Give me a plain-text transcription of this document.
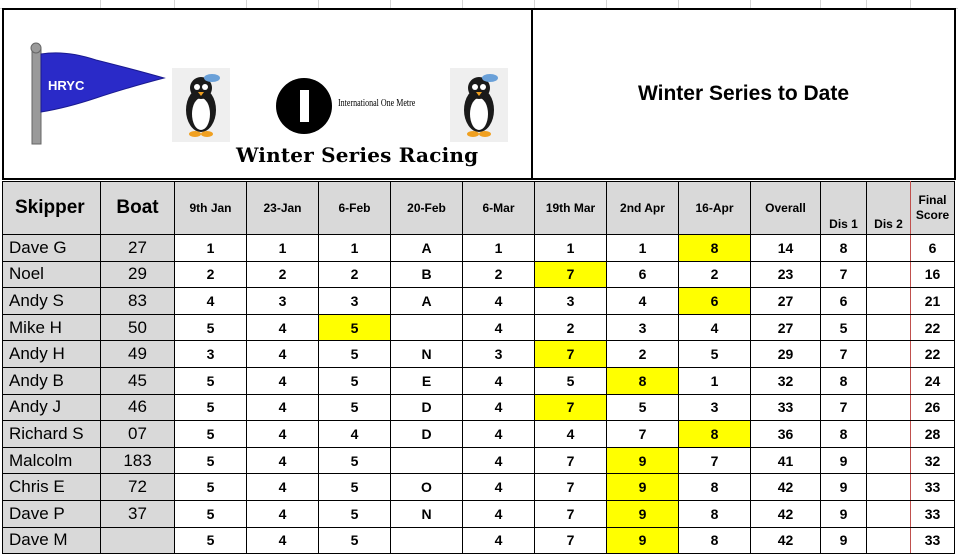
HRYC
International One Metre
Winter Series Racing
Winter Series to Date
Skipper	Boat	9th Jan	23-Jan	6-Feb	20-Feb	6-Mar	19th Mar	2nd Apr	16-Apr	Overall	Dis 1	Dis 2	Final
Score
Dave G	27	1	1	1	A	1	1	1	8	14	8		6
Noel	29	2	2	2	B	2	7	6	2	23	7		16
Andy S	83	4	3	3	A	4	3	4	6	27	6		21
Mike H	50	5	4	5		4	2	3	4	27	5		22
Andy H	49	3	4	5	N	3	7	2	5	29	7		22
Andy B	45	5	4	5	E	4	5	8	1	32	8		24
Andy J	46	5	4	5	D	4	7	5	3	33	7		26
Richard S	07	5	4	4	D	4	4	7	8	36	8		28
Malcolm	183	5	4	5		4	7	9	7	41	9		32
Chris E	72	5	4	5	O	4	7	9	8	42	9		33
Dave P	37	5	4	5	N	4	7	9	8	42	9		33
Dave M		5	4	5		4	7	9	8	42	9		33
